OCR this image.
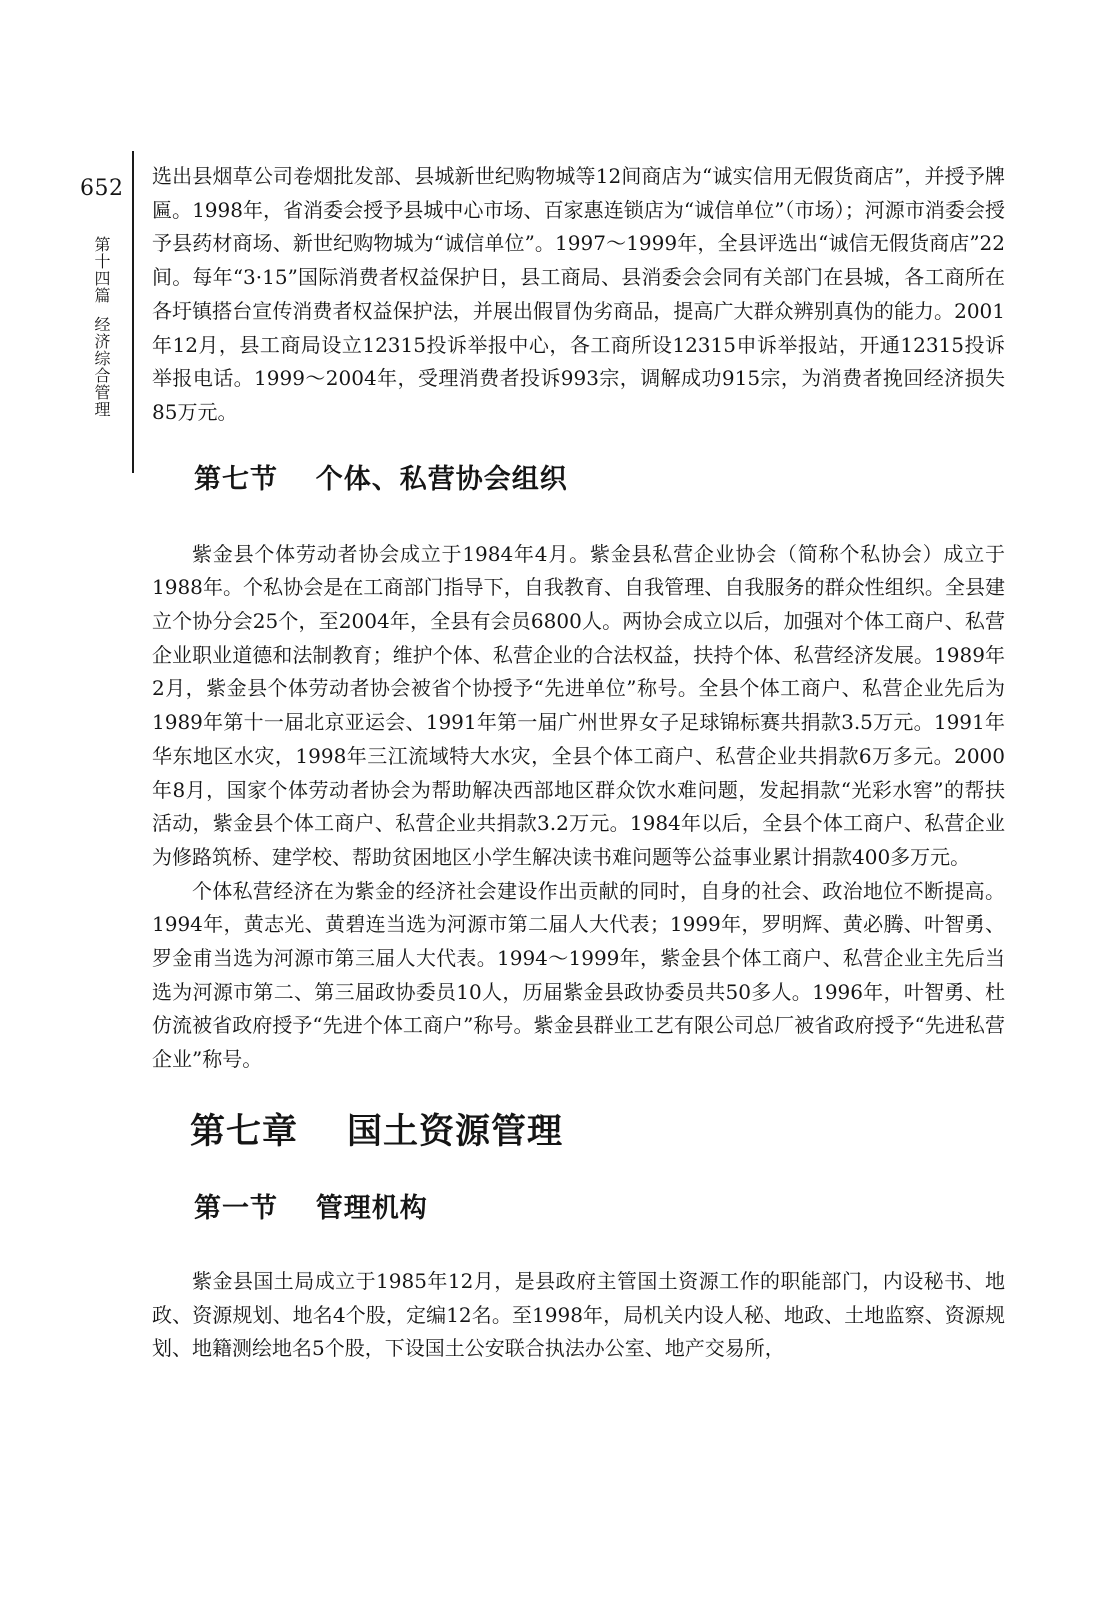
652
第十四篇经济综合管理

选出县烟草公司卷烟批发部、县城新世纪购物城等12间商店为“诚实信用无假货商店”，并授予牌匾。1998年，省消委会授予县城中心市场、百家惠连锁店为“诚信单位”（市场）；河源市消委会授予县药材商场、新世纪购物城为“诚信单位”。1997～1999年，全县评选出“诚信无假货商店”22间。每年“3·15”国际消费者权益保护日，县工商局、县消委会会同有关部门在县城，各工商所在各圩镇搭台宣传消费者权益保护法，并展出假冒伪劣商品，提高广大群众辨别真伪的能力。2001年12月，县工商局设立12315投诉举报中心，各工商所设12315申诉举报站，开通12315投诉举报电话。1999～2004年，受理消费者投诉993宗，调解成功915宗，为消费者挽回经济损失85万元。

第七节 个体、私营协会组织

紫金县个体劳动者协会成立于1984年4月。紫金县私营企业协会（简称个私协会）成立于1988年。个私协会是在工商部门指导下，自我教育、自我管理、自我服务的群众性组织。全县建立个协分会25个，至2004年，全县有会员6800人。两协会成立以后，加强对个体工商户、私营企业职业道德和法制教育；维护个体、私营企业的合法权益，扶持个体、私营经济发展。1989年2月，紫金县个体劳动者协会被省个协授予“先进单位”称号。全县个体工商户、私营企业先后为1989年第十一届北京亚运会、1991年第一届广州世界女子足球锦标赛共捐款3.5万元。1991年华东地区水灾，1998年三江流域特大水灾，全县个体工商户、私营企业共捐款6万多元。2000年8月，国家个体劳动者协会为帮助解决西部地区群众饮水难问题，发起捐款“光彩水窖”的帮扶活动，紫金县个体工商户、私营企业共捐款3.2万元。1984年以后，全县个体工商户、私营企业为修路筑桥、建学校、帮助贫困地区小学生解决读书难问题等公益事业累计捐款400多万元。

个体私营经济在为紫金的经济社会建设作出贡献的同时，自身的社会、政治地位不断提高。1994年，黄志光、黄碧连当选为河源市第二届人大代表；1999年，罗明辉、黄必腾、叶智勇、罗金甫当选为河源市第三届人大代表。1994～1999年，紫金县个体工商户、私营企业主先后当选为河源市第二、第三届政协委员10人，历届紫金县政协委员共50多人。1996年，叶智勇、杜仿流被省政府授予“先进个体工商户”称号。紫金县群业工艺有限公司总厂被省政府授予“先进私营企业”称号。

第七章 国土资源管理
第一节 管理机构

紫金县国土局成立于1985年12月，是县政府主管国土资源工作的职能部门，内设秘书、地政、资源规划、地名4个股，定编12名。至1998年，局机关内设人秘、地政、土地监察、资源规划、地籍测绘地名5个股，下设国土公安联合执法办公室、地产交易所，
